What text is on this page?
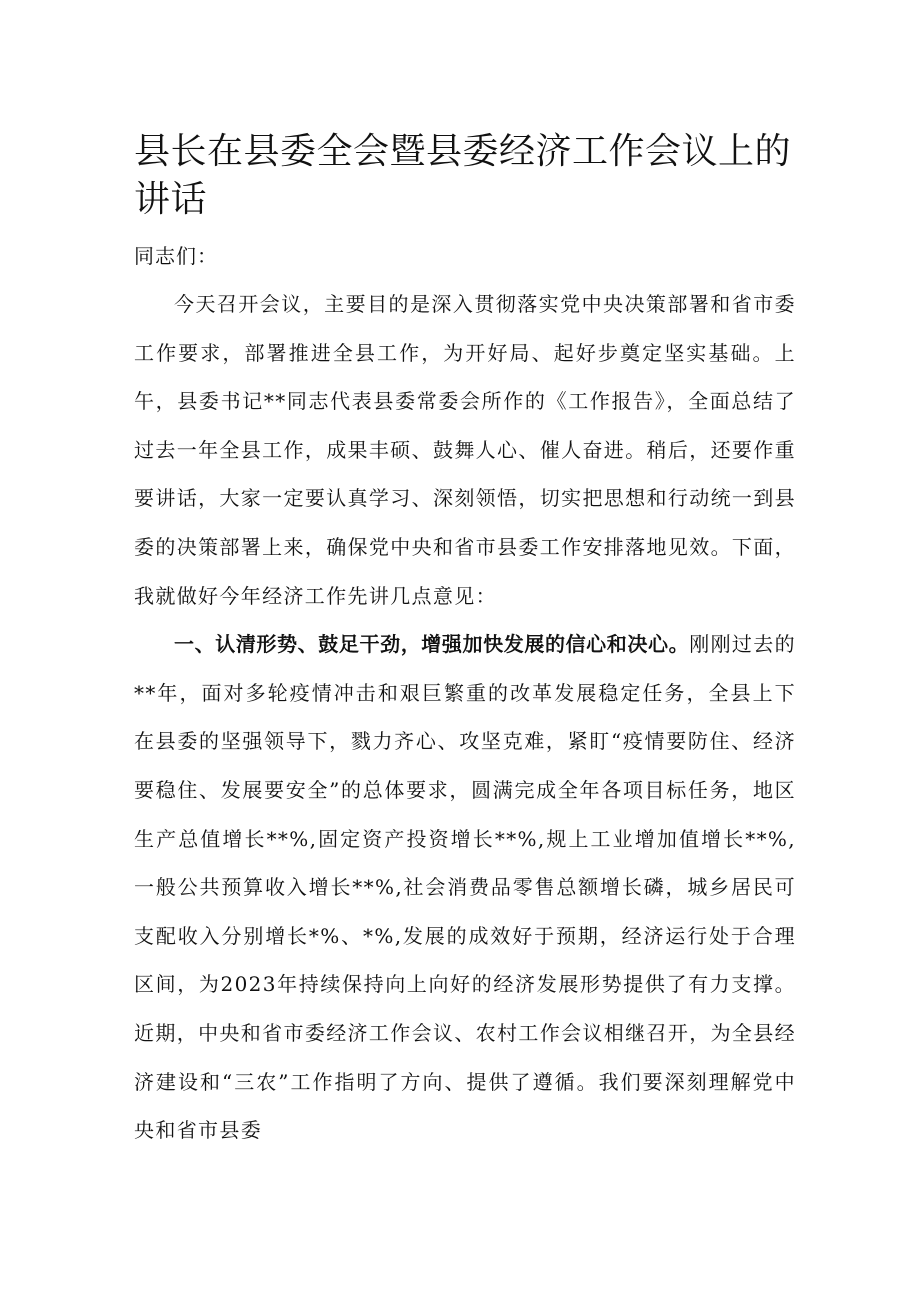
县长在县委全会暨县委经济工作会议上的讲话

同志们：

今天召开会议，主要目的是深入贯彻落实党中央决策部署和省市委工作要求，部署推进全县工作，为开好局、起好步奠定坚实基础。上午，县委书记**同志代表县委常委会所作的《工作报告》，全面总结了过去一年全县工作，成果丰硕、鼓舞人心、催人奋进。稍后，还要作重要讲话，大家一定要认真学习、深刻领悟，切实把思想和行动统一到县委的决策部署上来，确保党中央和省市县委工作安排落地见效。下面，我就做好今年经济工作先讲几点意见：

一、认清形势、鼓足干劲，增强加快发展的信心和决心。刚刚过去的**年，面对多轮疫情冲击和艰巨繁重的改革发展稳定任务，全县上下在县委的坚强领导下，戮力齐心、攻坚克难，紧盯“疫情要防住、经济要稳住、发展要安全”的总体要求，圆满完成全年各项目标任务，地区生产总值增长**%,固定资产投资增长**%,规上工业增加值增长**%,一般公共预算收入增长**%,社会消费品零售总额增长磷，城乡居民可支配收入分别增长*%、*%,发展的成效好于预期，经济运行处于合理区间，为2023年持续保持向上向好的经济发展形势提供了有力支撑。近期，中央和省市委经济工作会议、农村工作会议相继召开，为全县经济建设和“三农”工作指明了方向、提供了遵循。我们要深刻理解党中央和省市县委
